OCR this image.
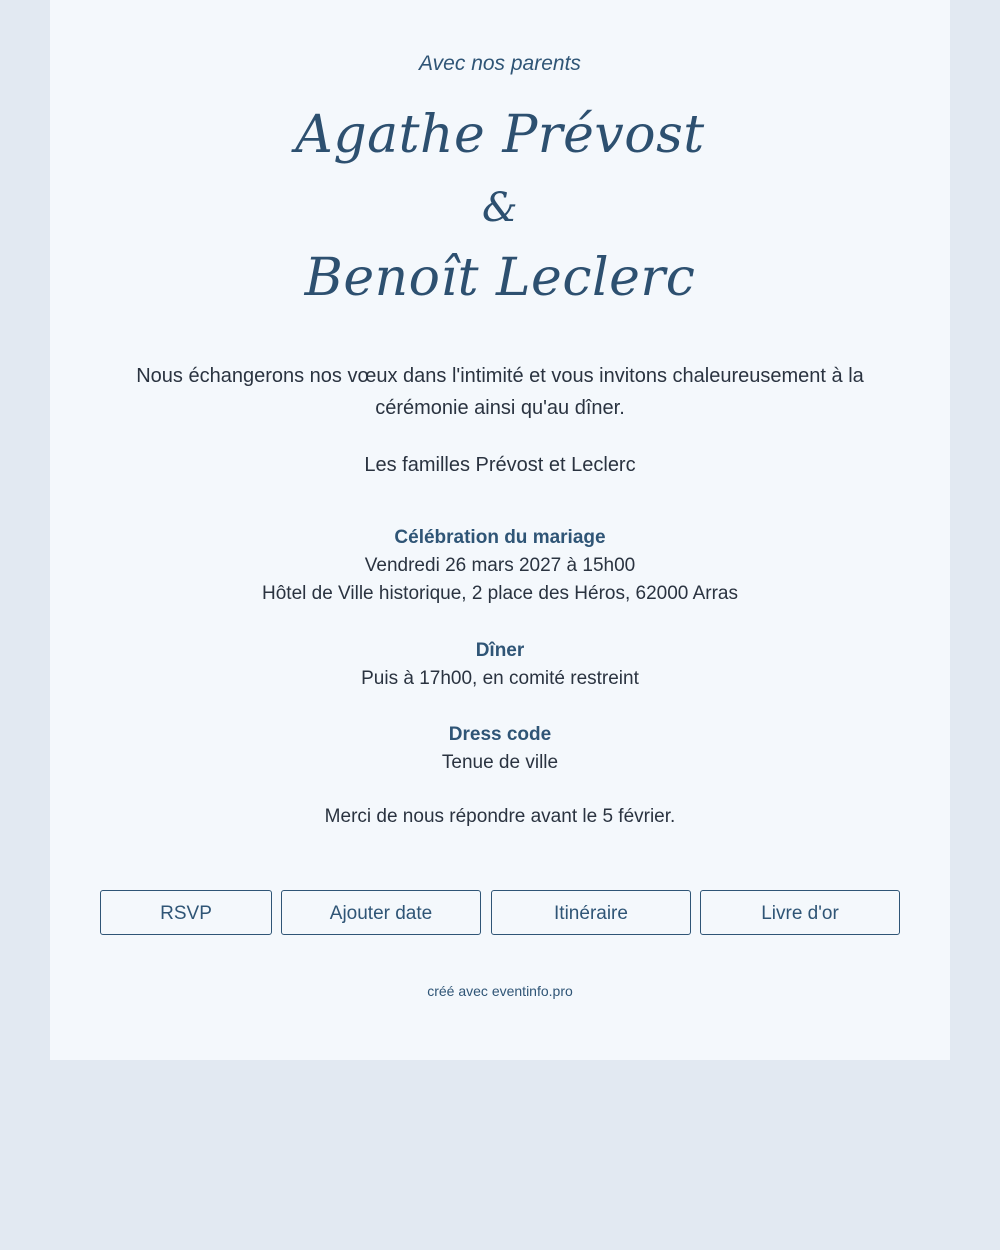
Avec nos parents
Agathe Prévost
&
Benoît Leclerc
Nous échangerons nos vœux dans l'intimité et vous invitons chaleureusement à la cérémonie ainsi qu'au dîner.
Les familles Prévost et Leclerc
Célébration du mariage
Vendredi 26 mars 2027 à 15h00
Hôtel de Ville historique, 2 place des Héros, 62000 Arras
Dîner
Puis à 17h00, en comité restreint
Dress code
Tenue de ville
Merci de nous répondre avant le 5 février.
RSVP	Ajouter date	Itinéraire	Livre d'or
créé avec eventinfo.pro
